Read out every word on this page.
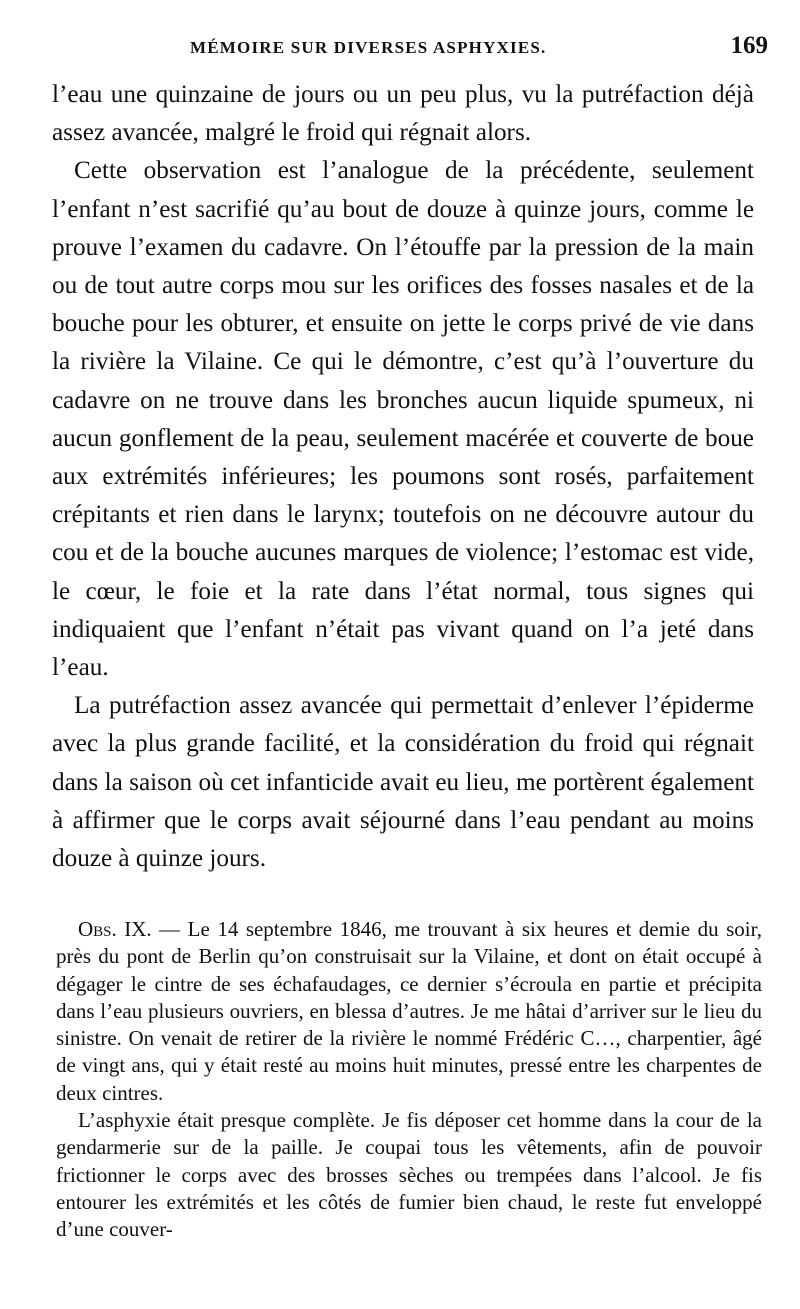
MÉMOIRE SUR DIVERSES ASPHYXIES.	169

l’eau une quinzaine de jours ou un peu plus, vu la putréfaction déjà assez avancée, malgré le froid qui régnait alors.

Cette observation est l’analogue de la précédente, seulement l’enfant n’est sacrifié qu’au bout de douze à quinze jours, comme le prouve l’examen du cadavre. On l’étouffe par la pression de la main ou de tout autre corps mou sur les orifices des fosses nasales et de la bouche pour les obturer, et ensuite on jette le corps privé de vie dans la rivière la Vilaine. Ce qui le démontre, c’est qu’à l’ouverture du cadavre on ne trouve dans les bronches aucun liquide spumeux, ni aucun gonflement de la peau, seulement macérée et couverte de boue aux extrémités inférieures; les poumons sont rosés, parfaitement crépitants et rien dans le larynx; toutefois on ne découvre autour du cou et de la bouche aucunes marques de violence; l’estomac est vide, le cœur, le foie et la rate dans l’état normal, tous signes qui indiquaient que l’enfant n’était pas vivant quand on l’a jeté dans l’eau.

La putréfaction assez avancée qui permettait d’enlever l’épiderme avec la plus grande facilité, et la considération du froid qui régnait dans la saison où cet infanticide avait eu lieu, me portèrent également à affirmer que le corps avait séjourné dans l’eau pendant au moins douze à quinze jours.

Obs. IX. — Le 14 septembre 1846, me trouvant à six heures et demie du soir, près du pont de Berlin qu’on construisait sur la Vilaine, et dont on était occupé à dégager le cintre de ses échafaudages, ce dernier s’écroula en partie et précipita dans l’eau plusieurs ouvriers, en blessa d’autres. Je me hâtai d’arriver sur le lieu du sinistre. On venait de retirer de la rivière le nommé Frédéric C…, charpentier, âgé de vingt ans, qui y était resté au moins huit minutes, pressé entre les charpentes de deux cintres.

L’asphyxie était presque complète. Je fis déposer cet homme dans la cour de la gendarmerie sur de la paille. Je coupai tous les vêtements, afin de pouvoir frictionner le corps avec des brosses sèches ou trempées dans l’alcool. Je fis entourer les extrémités et les côtés de fumier bien chaud, le reste fut enveloppé d’une couver-
